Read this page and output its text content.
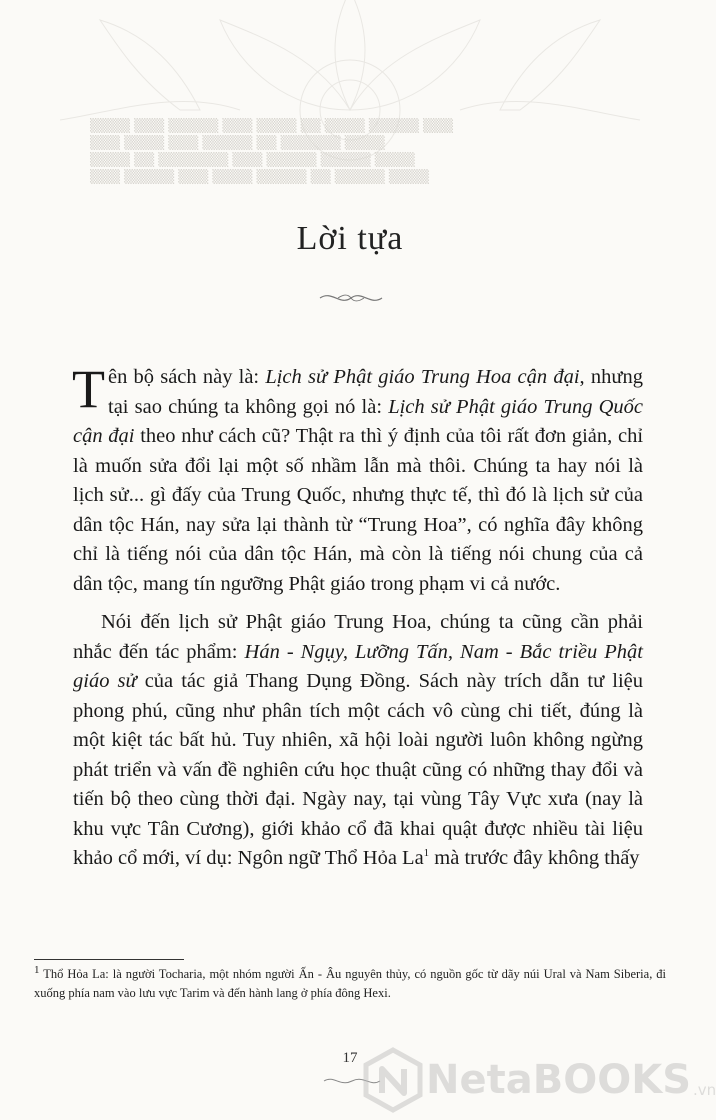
▒▒▒▒ ▒▒▒ ▒▒▒▒▒ ▒▒▒ ▒▒▒▒ ▒▒ ▒▒▒▒ ▒▒▒▒▒ ▒▒▒
▒▒▒ ▒▒▒▒ ▒▒▒ ▒▒▒▒▒ ▒▒ ▒▒▒▒▒▒ ▒▒▒▒
▒▒▒▒ ▒▒ ▒▒▒▒▒▒▒ ▒▒▒ ▒▒▒▒▒ ▒▒▒▒▒ ▒▒▒▒
▒▒▒ ▒▒▒▒▒ ▒▒▒ ▒▒▒▒ ▒▒▒▒▒ ▒▒ ▒▒▒▒▒ ▒▒▒▒
Lời tựa

Tên bộ sách này là: Lịch sử Phật giáo Trung Hoa cận đại, nhưng tại sao chúng ta không gọi nó là: Lịch sử Phật giáo Trung Quốc cận đại theo như cách cũ? Thật ra thì ý định của tôi rất đơn giản, chỉ là muốn sửa đổi lại một số nhầm lẫn mà thôi. Chúng ta hay nói là lịch sử... gì đấy của Trung Quốc, nhưng thực tế, thì đó là lịch sử của dân tộc Hán, nay sửa lại thành từ “Trung Hoa”, có nghĩa đây không chỉ là tiếng nói của dân tộc Hán, mà còn là tiếng nói chung của cả dân tộc, mang tín ngưỡng Phật giáo trong phạm vi cả nước.

Nói đến lịch sử Phật giáo Trung Hoa, chúng ta cũng cần phải nhắc đến tác phẩm: Hán - Ngụy, Lưỡng Tấn, Nam - Bắc triều Phật giáo sử của tác giả Thang Dụng Đồng. Sách này trích dẫn tư liệu phong phú, cũng như phân tích một cách vô cùng chi tiết, đúng là một kiệt tác bất hủ. Tuy nhiên, xã hội loài người luôn không ngừng phát triển và vấn đề nghiên cứu học thuật cũng có những thay đổi và tiến bộ theo cùng thời đại. Ngày nay, tại vùng Tây Vực xưa (nay là khu vực Tân Cương), giới khảo cổ đã khai quật được nhiều tài liệu khảo cổ mới, ví dụ: Ngôn ngữ Thổ Hỏa La$^1$ mà trước đây không thấy

$^1$ Thổ Hỏa La: là người Tocharia, một nhóm người Ấn - Âu nguyên thủy, có nguồn gốc từ dãy núi Ural và Nam Siberia, đi xuống phía nam vào lưu vực Tarim và đến hành lang ở phía đông Hexi.
17	NetaBOOKS .vn
